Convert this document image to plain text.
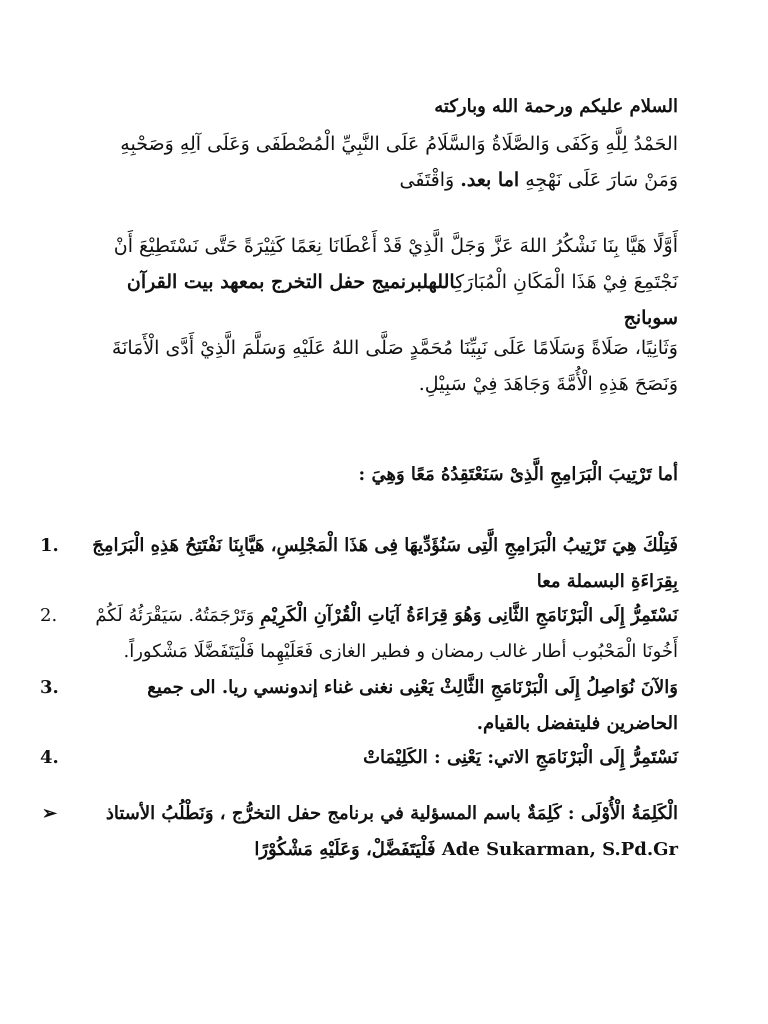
السلام عليكم ورحمة الله وباركته
الحَمْدُ لِلَّهِ وَكَفَى وَالصَّلَاةُ وَالسَّلَامُ عَلَى النَّبِيِّ الْمُصْطَفَى وَعَلَى آلِهِ وَصَحْبِهِ وَمَنْ سَارَ عَلَى نَهْجِهِ اما بعد. وَاقْتَفَى
أَوَّلًا هَيَّا بِنَا نَشْكُرُ اللهَ عَزَّ وَجَلَّ الَّذِيْ قَدْ أَعْطَانَا نِعَمًا كَثِيْرَةً حَتَّى نَسْتَطِيْعَ أَنْ نَجْتَمِعَ فِيْ هَذَا الْمَكَانِ الْمُبَارَكِاللهلبرنميج حفل التخرج بمعهد بيت القرآن سوبانج
وَثَانِيًا، صَلَاةً وَسَلَامًا عَلَى نَبِيِّنَا مُحَمَّدٍ صَلَّى اللهُ عَلَيْهِ وَسَلَّمَ الَّذِيْ أَدَّى الْأَمَانَةَ وَنَصَحَ هَذِهِ الْأُمَّةَ وَجَاهَدَ فِيْ سَبِيْلِ.
أما تَرْتِيبَ الْبَرَامِجِ الَّذِىْ سَنَعْتَقِدُهُ مَعًا وَهِيَ :
1.	فَتِلْكَ هِيَ تَرْتِيبُ الْبَرَامِجِ الَّتِى سَنُؤَدِّيهَا فِى هَذَا الْمَجْلِسِ، هَيَّابِنَا نَفْتَتِحُ هَذِهِ الْبَرَامِجَ بِقِرَاءَةِ البسملة معا
2.	نَسْتَمِرُّ إِلَى الْبَرْنَامَجِ الثَّانِى وَهُوَ قِرَاءَةُ آيَاتِ الْقُرْآنِ الْكَرِيْمِ وَتَرْجَمَتُهُ. سَيَقْرَئُهُ لَكُمْ أَخُونَا الْمَحْبُوب أطار غالب رمضان و فطير الغازى فَعَلَيْهِما فَلْيَتَفَضَّلَا مَشْكوراً.
3.	وَالآنَ نُوَاصِلُ إِلَى الْبَرْنَامَجِ الثَّالِثْ يَعْنِى نغنى غناء إندونسي ريا. الى جميع الحاضرين فليتفضل بالقيام.
4.	نَسْتَمِرُّ إِلَى الْبَرْنَامَجِ الاتي: يَعْنِى : الكَلِيْمَاتْ
➢	الْكَلِمَةُ الْأُوْلَى : كَلِمَةٌ باسم المسؤلية في برنامج حفل التخرُّج ، وَنَطْلُبُ الأستاذ Ade Sukarman, S.Pd.Gr فَلْيَتَفَضَّلْ، وَعَلَيْهِ مَشْكُوْرًا
